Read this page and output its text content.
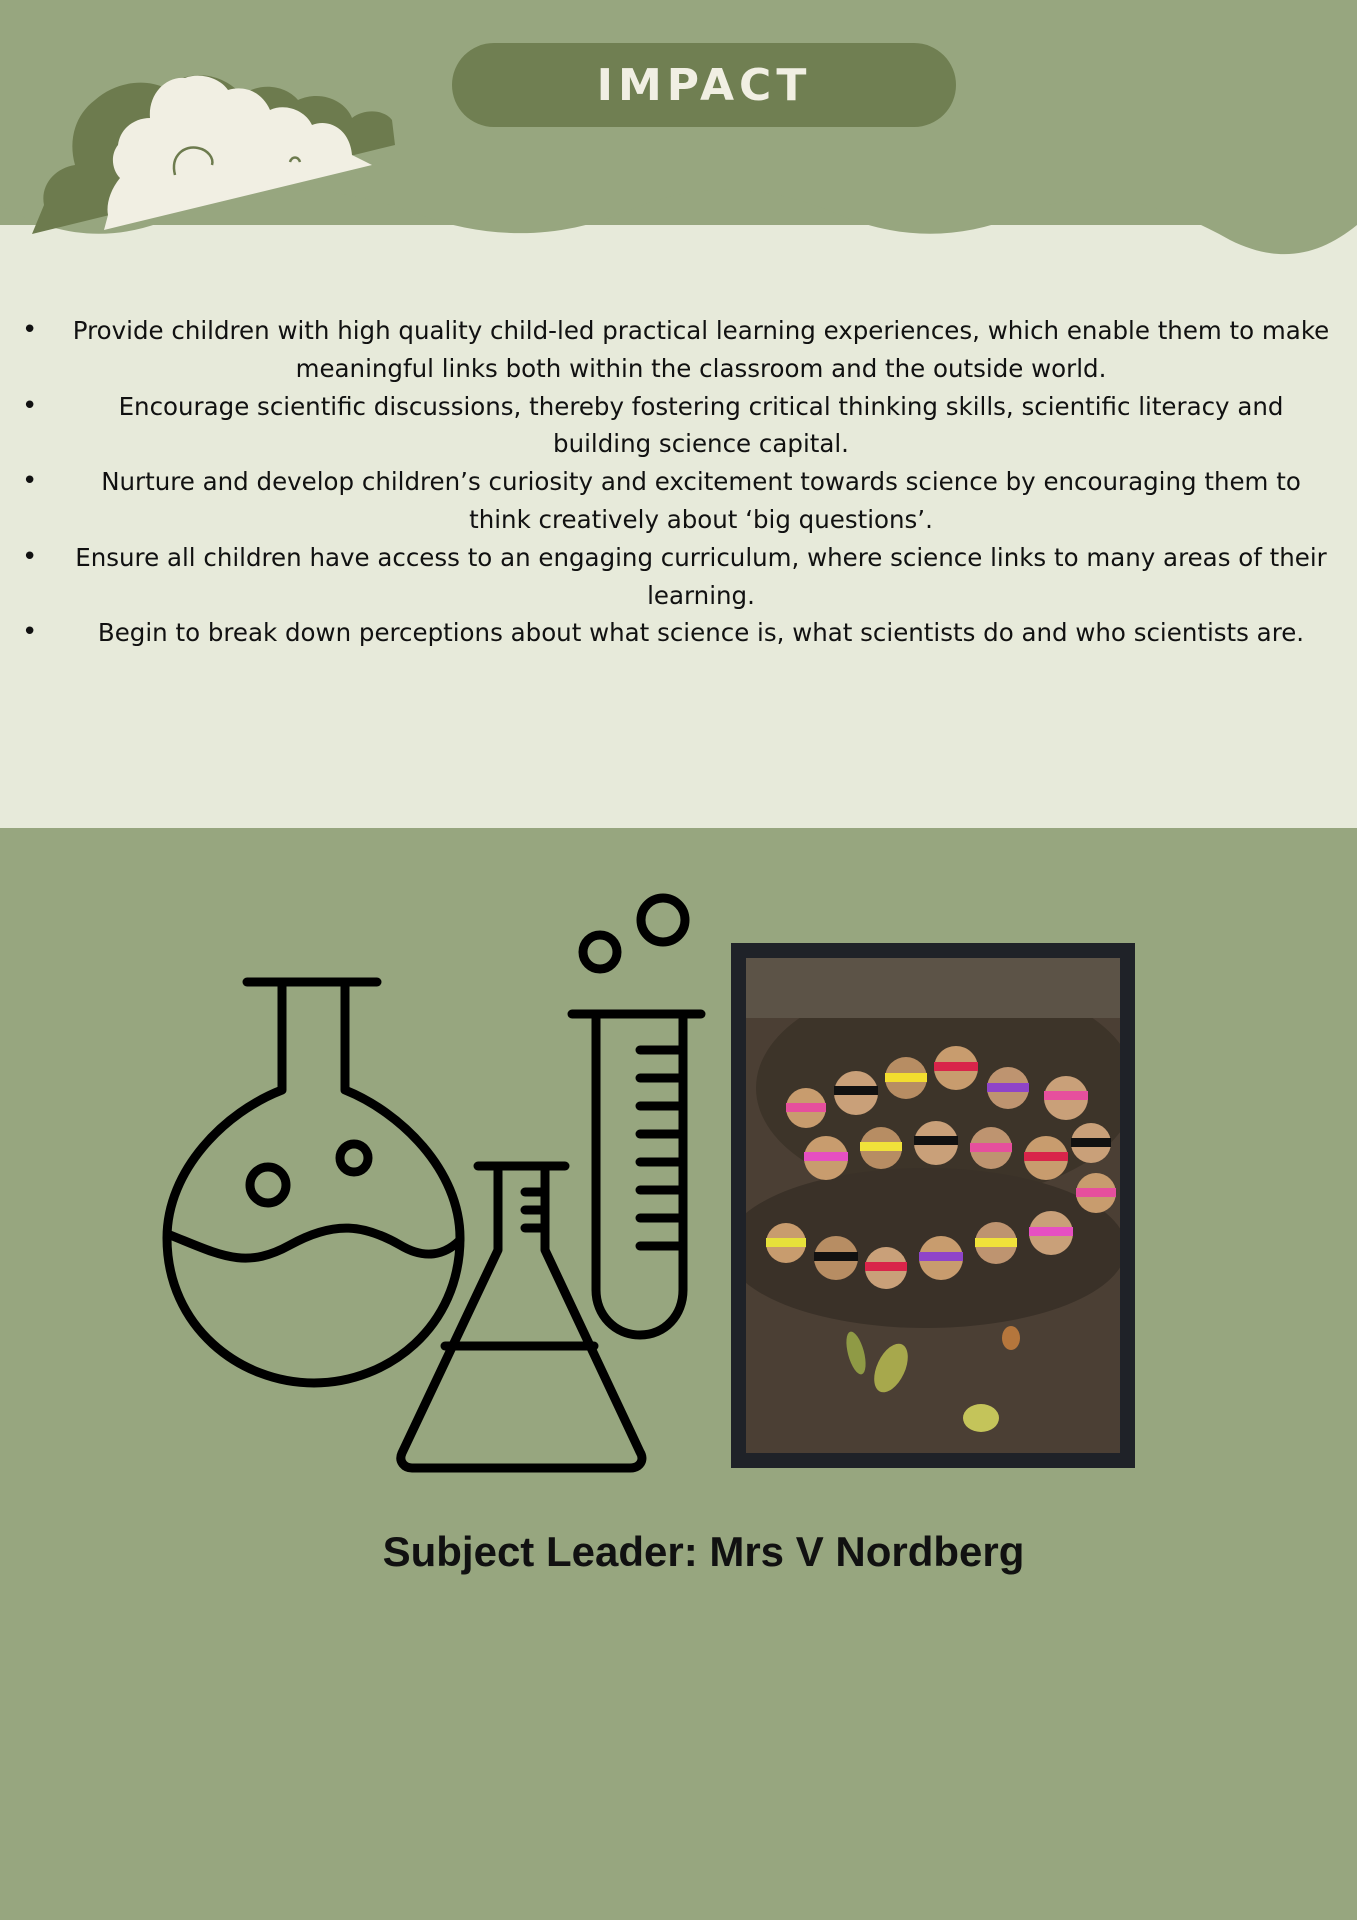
IMPACT
• Provide children with high quality child-led practical learning experiences, which enable them to make meaningful links both within the classroom and the outside world.
•	Encourage scientific discussions, thereby fostering critical thinking skills, scientific literacy and building science capital.
•	Nurture and develop children’s curiosity and excitement towards science by encouraging them to think creatively about ‘big questions’.
• Ensure all children have access to an engaging curriculum, where science links to many areas of their learning.
• Begin to break down perceptions about what science is, what scientists do and who scientists are.
Subject Leader: Mrs V Nordberg
